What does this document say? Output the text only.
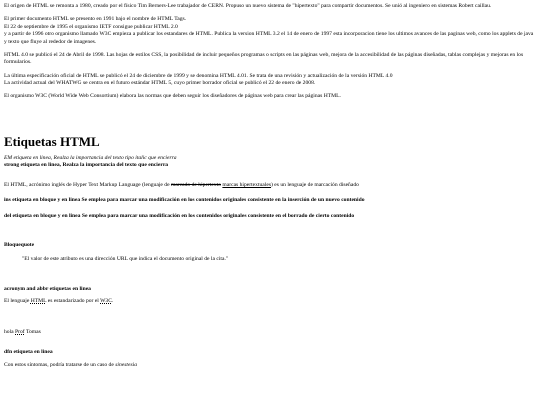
El origen de HTML se remonta a 1980, creado por el físico Tim Berners-Lee trabajador de CERN. Propuso un nuevo sistema de "hipertexto" para compartir documentos. Se unió al ingeniero en sistemas Robert caillau.

El primer documento HTML se presento en 1991 bajo el nombre de HTML Tags.
El 22 de septiembre de 1995 el organismo IETF consigue publicar HTML 2.0
y a partir de 1996 otro organismo llamado W3C empieza a publicar los estandares de HTML. Publica la version HTML 3.2 el 14 de enero de 1997 esta incorporacion tiene los ultimos avances de las paginas web, como los applets de java y texto que fluye al rededor de imagenes.

HTML 4.0 se publicó el 24 de Abril de 1998. Las hojas de estilos CSS, la posibilidad de incluir pequeños programas o scripts en las páginas web, mejora de la accesibilidad de las páginas diseñadas, tablas complejas y mejoras en los formularios.

La última especificación oficial de HTML se publicó el 24 de diciembre de 1999 y se denomina HTML 4.01. Se trata de una revisión y actualización de la versión HTML 4.0
La actividad actual del WHATWG se centra en el futuro estándar HTML 5, cuyo primer borrador oficial se publicó el 22 de enero de 2008.

El organismo W3C (World Wide Web Consortium) elabora las normas que deben seguir los diseñadores de páginas web para crear las páginas HTML.

Etiquetas HTML

EM etiqueta en linea, Realza la importancia del texto tipo italic que encierra

strong etiqueta en linea, Realza la importancia del texto que encierra

El HTML, acrónimo inglés de Hyper Text Markup Language (lenguaje de marcado de hipertexto marcas hipertextuales) es un lenguaje de marcación diseñado

ins etiqueta en bloque y en linea Se emplea para marcar una modificación en los contenidos originales consistente en la inserción de un nuevo contenido

del etiqueta en bloque y en linea Se emplea para marcar una modificación en los contenidos originales consistente en el borrado de cierto contenido

Bloquequote

"El valor de este atributo es una dirección URL que indica el documento original de la cita."

acronym and abbr etiquetas en linea

El lenguaje HTML es estandarizado por el W3C.

hola Prof Tomas

dfn etiqueta en linea

Con estos síntomas, podría tratarse de un caso de sinestesia
